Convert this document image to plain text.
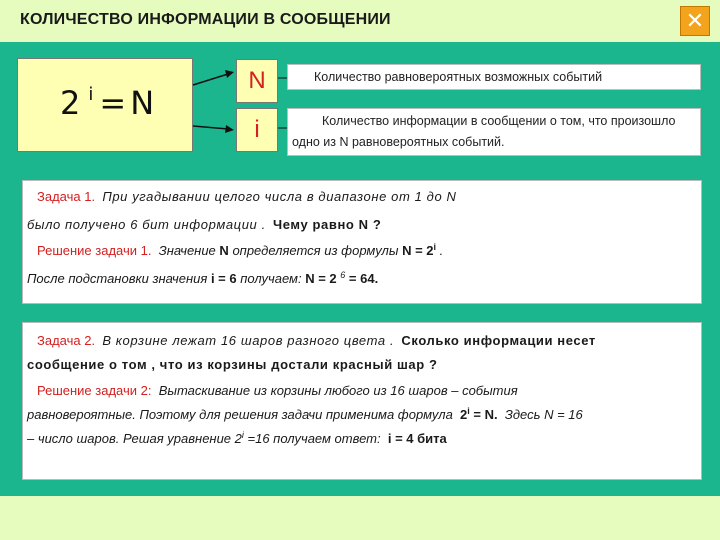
КОЛИЧЕСТВО ИНФОРМАЦИИ В СООБЩЕНИИ	✕
2 $^i$ = N
N
i
Количество равновероятных возможных событий
Количество информации в сообщении о том, что произошло
одно из N равновероятных событий.
Задача 1. При угадывании целого числа в диапазоне от 1 до N
было получено 6 бит информации . Чему равно N ?
Решение задачи 1. Значение N определяется из формулы $N = 2^i$ .
После подстановки значения i = 6 получаем: N = 2 $^6$ = 64.
Задача 2. В корзине лежат 16 шаров разного цвета . Сколько информации несет
сообщение о том , что из корзины достали красный шар ?
Решение задачи 2: Вытаскивание из корзины любого из 16 шаров – события
равновероятные. Поэтому для решения задачи применима формула $2^i = N$. Здесь N = 16
– число шаров. Решая уравнение $2^i =16$ получаем ответ: i = 4 бита
